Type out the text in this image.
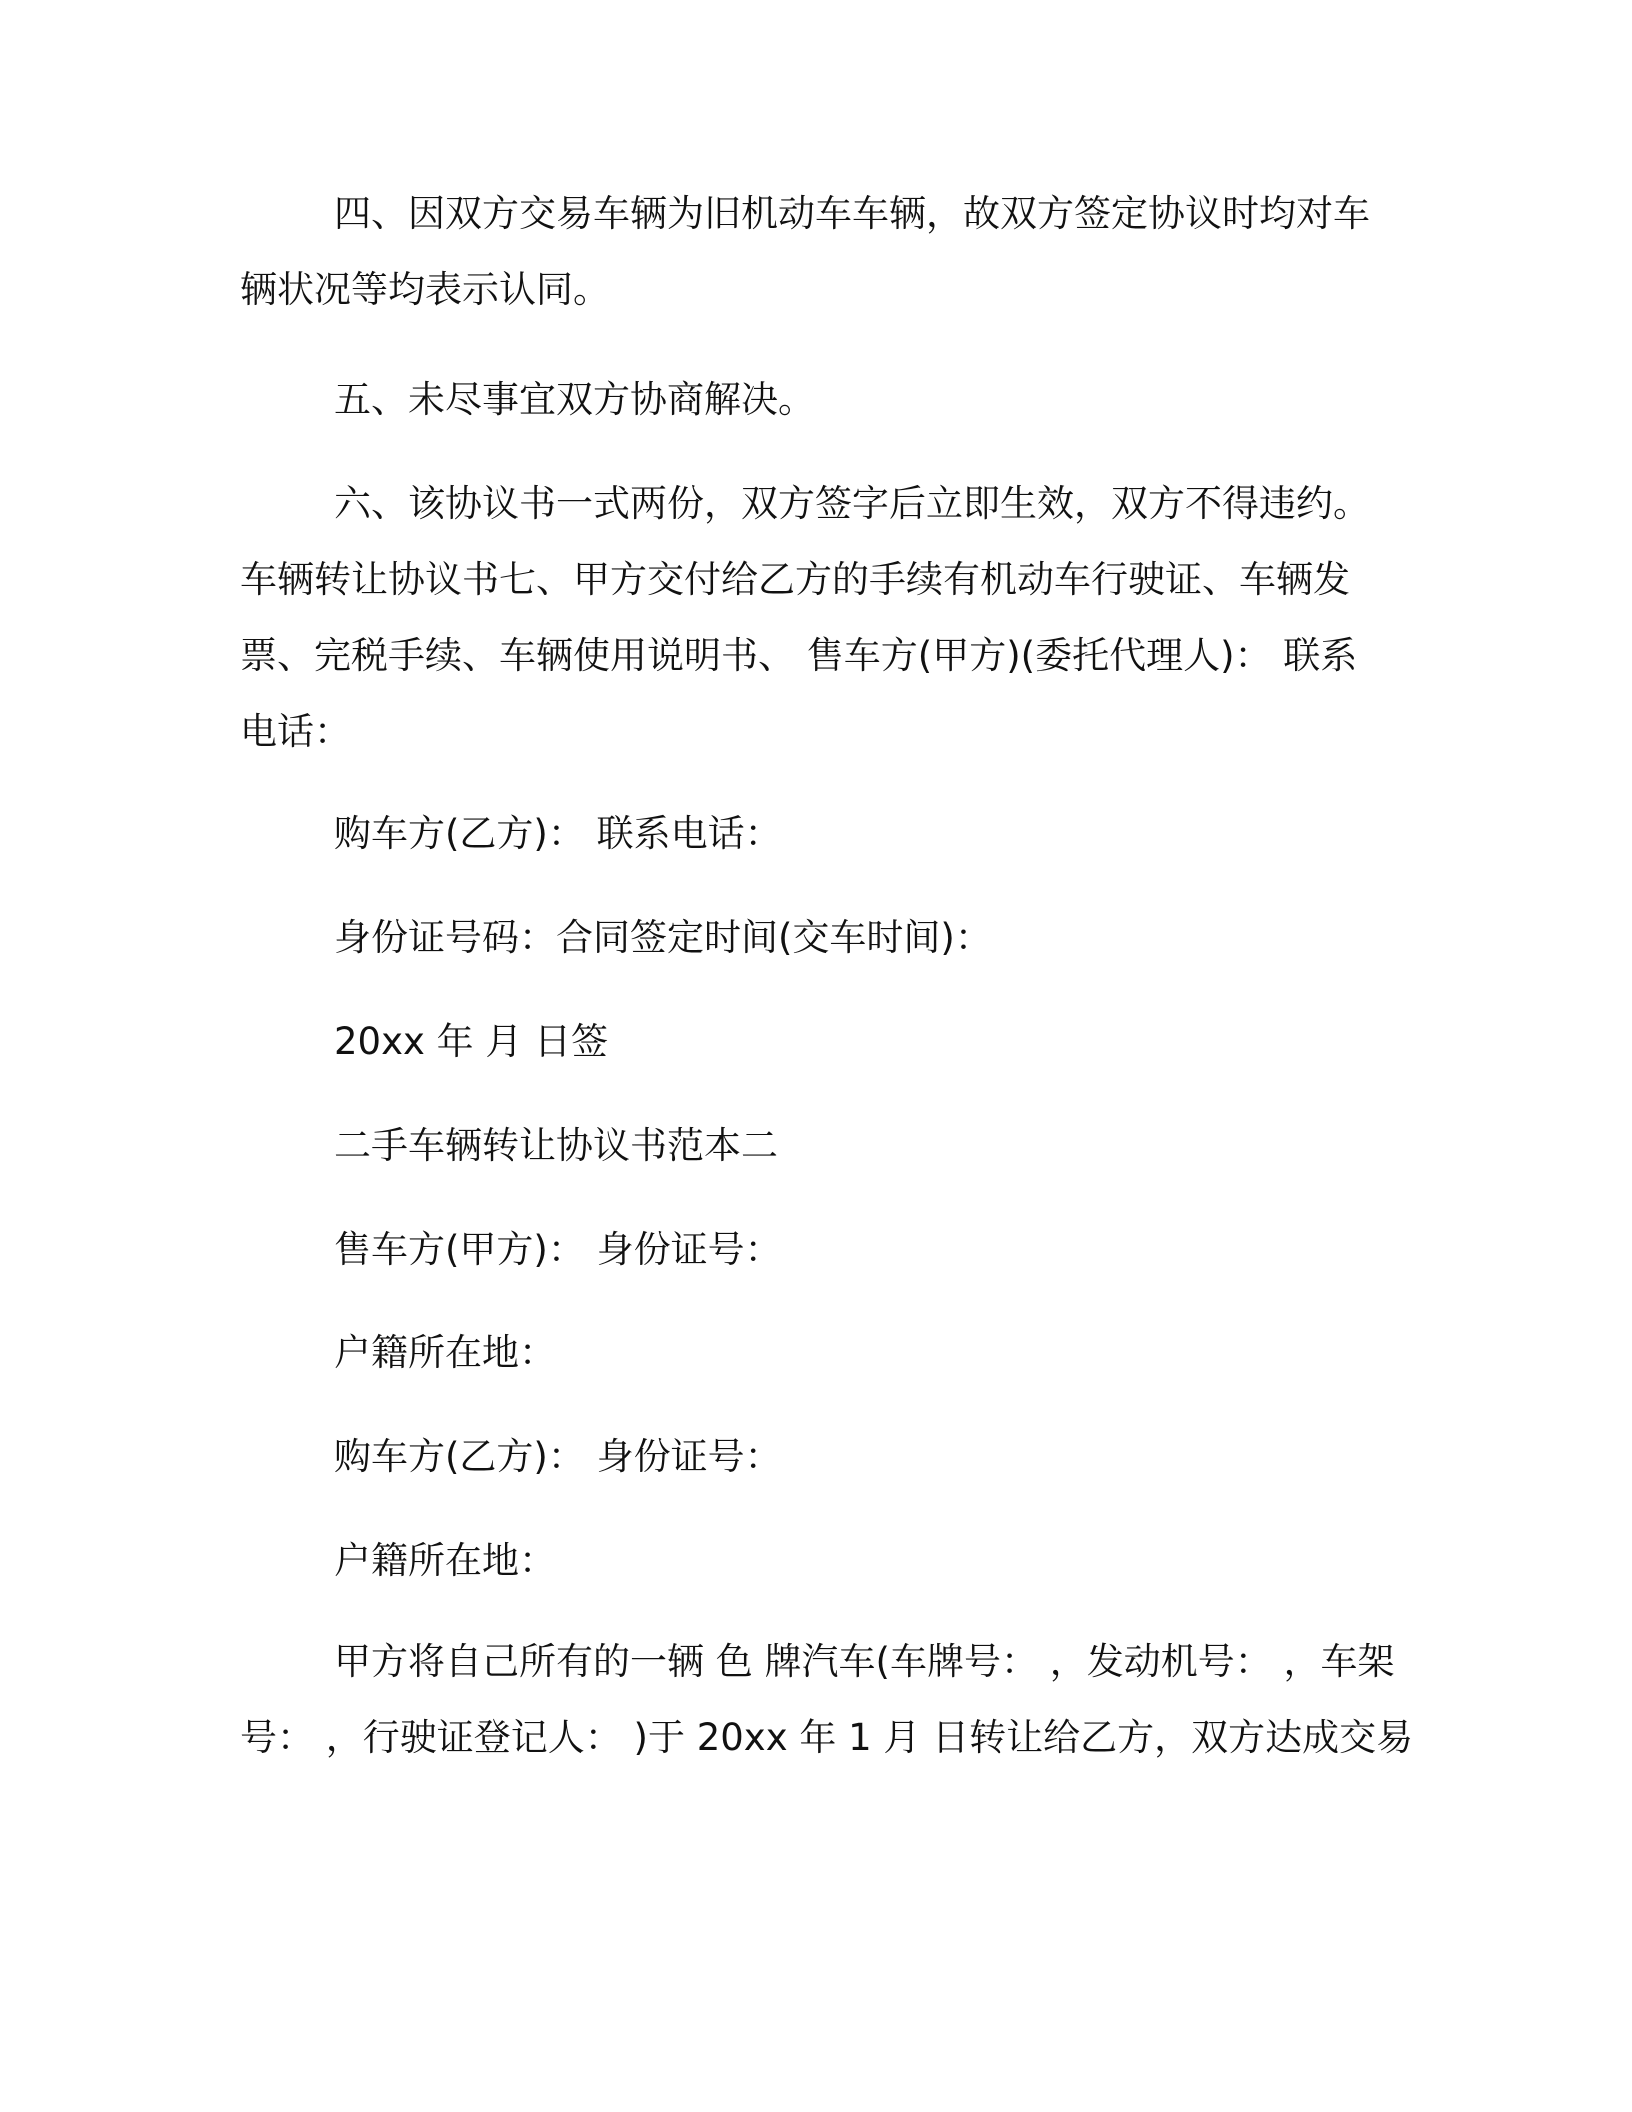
四、因双方交易车辆为旧机动车车辆，故双方签定协议时均对车
辆状况等均表示认同。

五、未尽事宜双方协商解决。

六、该协议书一式两份，双方签字后立即生效，双方不得违约。
车辆转让协议书七、甲方交付给乙方的手续有机动车行驶证、车辆发
票、完税手续、车辆使用说明书、 售车方(甲方)(委托代理人)： 联系
电话：

购车方(乙方)： 联系电话：

身份证号码：合同签定时间(交车时间)：

20xx 年 月 日签

二手车辆转让协议书范本二

售车方(甲方)： 身份证号：

户籍所在地：

购车方(乙方)： 身份证号：

户籍所在地：

甲方将自己所有的一辆 色 牌汽车(车牌号： ，发动机号： ，车架
号： ，行驶证登记人： )于 20xx 年 1 月 日转让给乙方，双方达成交易
